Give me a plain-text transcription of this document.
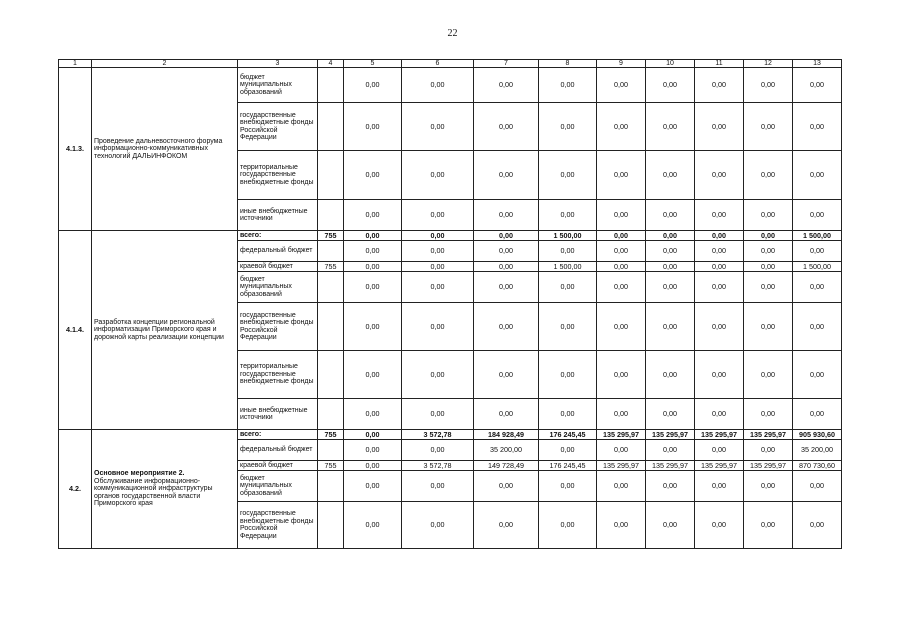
22
1	2	3	4	5	6	7	8	9	10	11	12	13
4.1.3.	Проведение дальневосточного форума информационно-коммуникативных технологий ДАЛЬИНФОКОМ	бюджет муниципальных образований		0,00	0,00	0,00	0,00	0,00	0,00	0,00	0,00	0,00
		государственные внебюджетные фонды Российской Федерации		0,00	0,00	0,00	0,00	0,00	0,00	0,00	0,00	0,00
		территориальные государственные внебюджетные фонды		0,00	0,00	0,00	0,00	0,00	0,00	0,00	0,00	0,00
		иные внебюджетные источники		0,00	0,00	0,00	0,00	0,00	0,00	0,00	0,00	0,00
4.1.4.	Разработка концепции региональной информатизации Приморского края и дорожной карты реализации концепции	всего:	755	0,00	0,00	0,00	1 500,00	0,00	0,00	0,00	0,00	1 500,00
		федеральный бюджет		0,00	0,00	0,00	0,00	0,00	0,00	0,00	0,00	0,00
		краевой бюджет	755	0,00	0,00	0,00	1 500,00	0,00	0,00	0,00	0,00	1 500,00
		бюджет муниципальных образований		0,00	0,00	0,00	0,00	0,00	0,00	0,00	0,00	0,00
		государственные внебюджетные фонды Российской Федерации		0,00	0,00	0,00	0,00	0,00	0,00	0,00	0,00	0,00
		территориальные государственные внебюджетные фонды		0,00	0,00	0,00	0,00	0,00	0,00	0,00	0,00	0,00
		иные внебюджетные источники		0,00	0,00	0,00	0,00	0,00	0,00	0,00	0,00	0,00
4.2.	Основное мероприятие 2.
Обслуживание информационно-коммуникационной инфраструктуры органов государственной власти Приморского края	всего:	755	0,00	3 572,78	184 928,49	176 245,45	135 295,97	135 295,97	135 295,97	135 295,97	905 930,60
		федеральный бюджет		0,00	0,00	35 200,00	0,00	0,00	0,00	0,00	0,00	35 200,00
		краевой бюджет	755	0,00	3 572,78	149 728,49	176 245,45	135 295,97	135 295,97	135 295,97	135 295,97	870 730,60
		бюджет муниципальных образований		0,00	0,00	0,00	0,00	0,00	0,00	0,00	0,00	0,00
		государственные внебюджетные фонды Российской Федерации		0,00	0,00	0,00	0,00	0,00	0,00	0,00	0,00	0,00
